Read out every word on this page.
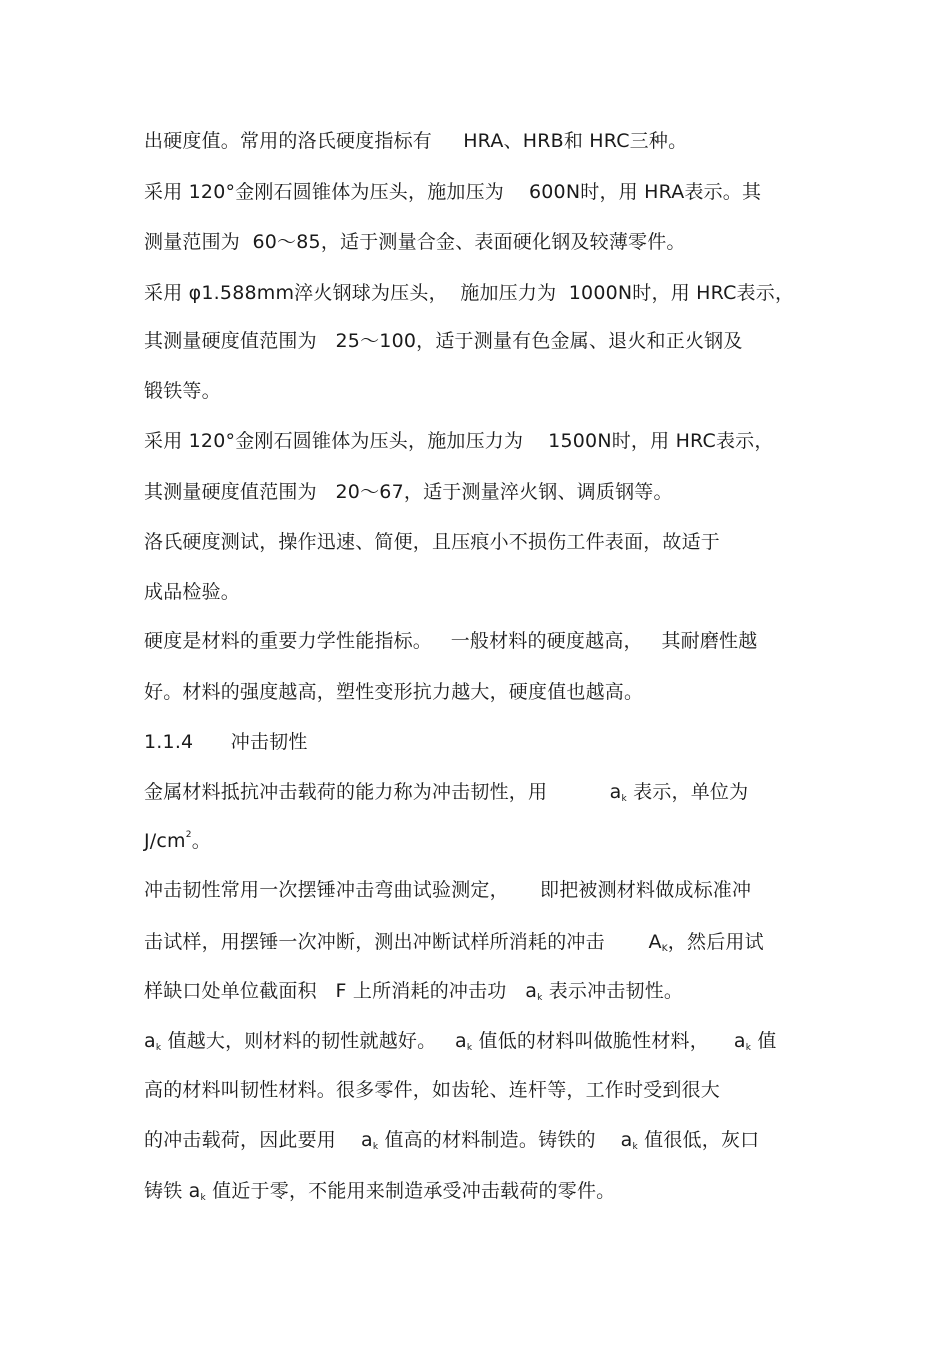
出硬度值。常用的洛氏硬度指标有     HRA、HRB和 HRC三种。
采用 120°金刚石圆锥体为压头，施加压为    600N时，用 HRA表示。其
测量范围为  60～85，适于测量合金、表面硬化钢及较薄零件。
采用 φ1.588mm淬火钢球为压头，  施加压力为  1000N时，用 HRC表示，
其测量硬度值范围为   25～100，适于测量有色金属、退火和正火钢及
锻铁等。
采用 120°金刚石圆锥体为压头，施加压力为    1500N时，用 HRC表示，
其测量硬度值范围为   20～67，适于测量淬火钢、调质钢等。
洛氏硬度测试，操作迅速、简便，且压痕小不损伤工件表面，故适于
成品检验。
硬度是材料的重要力学性能指标。   一般材料的硬度越高，   其耐磨性越
好。材料的强度越高，塑性变形抗力越大，硬度值也越高。
1.1.4      冲击韧性
金属材料抵抗冲击载荷的能力称为冲击韧性，用          ak 表示，单位为
$J/cm^2$。
冲击韧性常用一次摆锤冲击弯曲试验测定，     即把被测材料做成标准冲
击试样，用摆锤一次冲断，测出冲断试样所消耗的冲击       AK，然后用试
样缺口处单位截面积   F 上所消耗的冲击功   ak 表示冲击韧性。
ak 值越大，则材料的韧性就越好。   ak 值低的材料叫做脆性材料，    ak 值
高的材料叫韧性材料。很多零件，如齿轮、连杆等，工作时受到很大
的冲击载荷，因此要用    ak 值高的材料制造。铸铁的    ak 值很低，灰口
铸铁 ak 值近于零，不能用来制造承受冲击载荷的零件。
